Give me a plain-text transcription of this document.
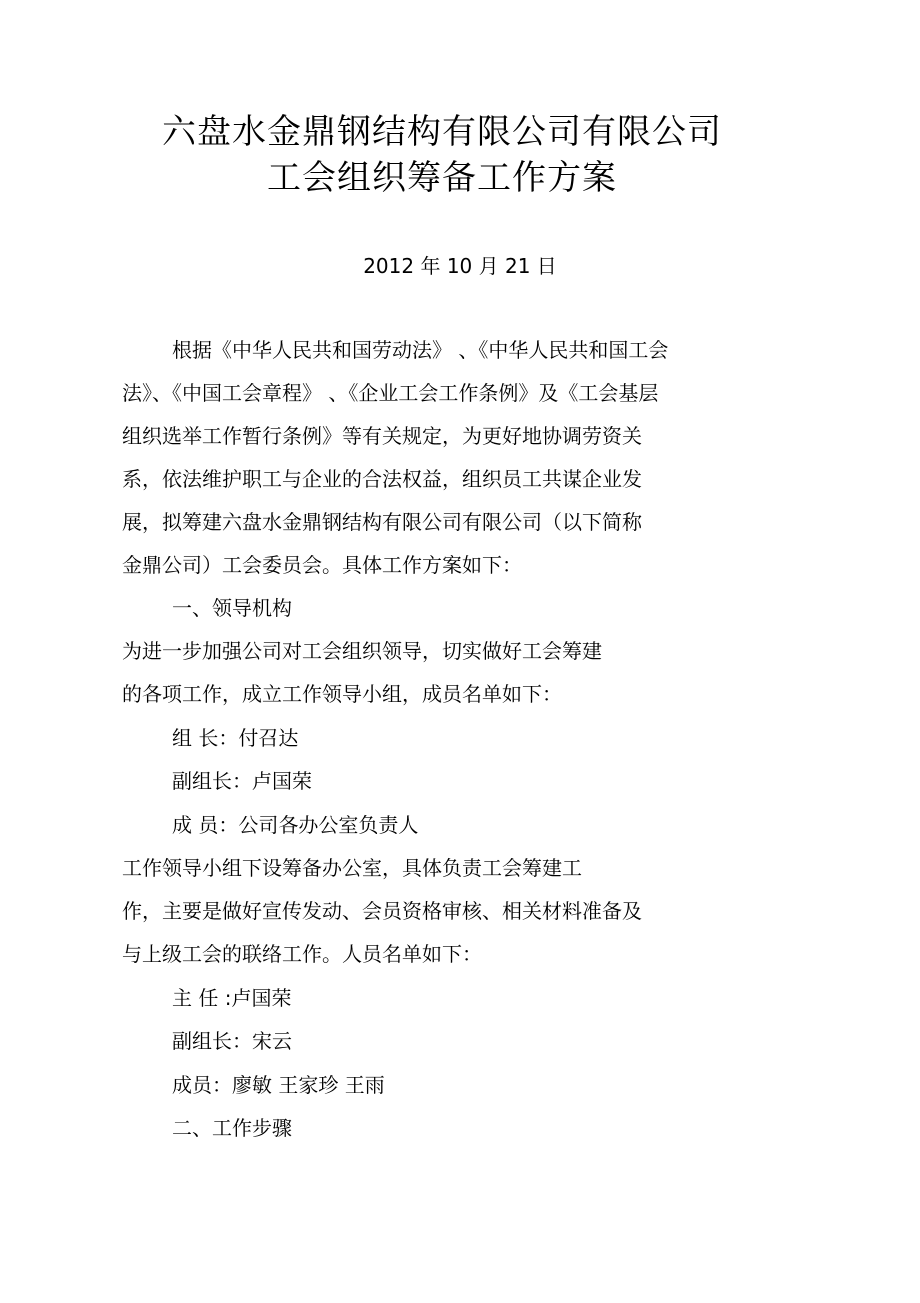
六盘水金鼎钢结构有限公司有限公司
工会组织筹备工作方案
2012 年 10 月 21 日
根据《中华人民共和国劳动法》 、《中华人民共和国工会
法》、《中国工会章程》 、《企业工会工作条例》及《工会基层
组织选举工作暂行条例》等有关规定，为更好地协调劳资关
系，依法维护职工与企业的合法权益，组织员工共谋企业发
展，拟筹建六盘水金鼎钢结构有限公司有限公司（以下简称
金鼎公司）工会委员会。具体工作方案如下：
一、领导机构
为进一步加强公司对工会组织领导，切实做好工会筹建
的各项工作，成立工作领导小组，成员名单如下：
组 长：付召达
副组长：卢国荣
成 员：公司各办公室负责人
工作领导小组下设筹备办公室，具体负责工会筹建工
作，主要是做好宣传发动、会员资格审核、相关材料准备及
与上级工会的联络工作。人员名单如下：
主 任 :卢国荣
副组长：宋云
成员：廖敏 王家珍 王雨
二、工作步骤
